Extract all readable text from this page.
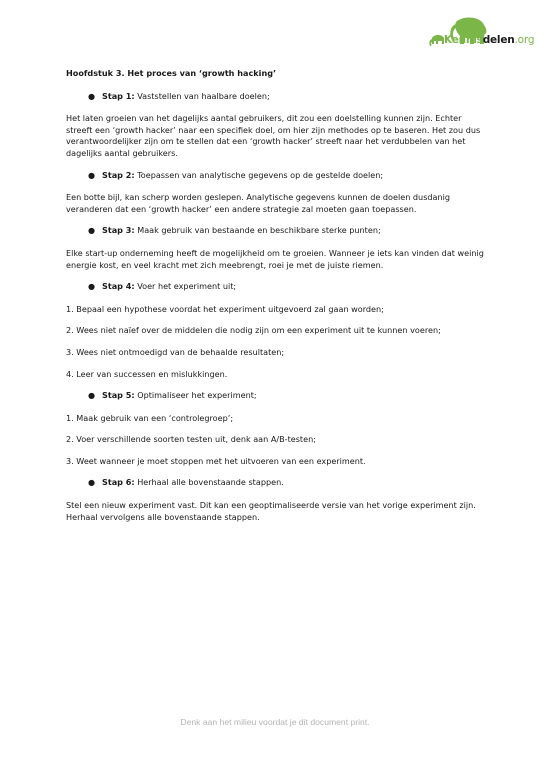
Kennisdelen.org
Hoofdstuk 3. Het proces van ‘growth hacking’
● Stap 1: Vaststellen van haalbare doelen;

Het laten groeien van het dagelijks aantal gebruikers, dit zou een doelstelling kunnen zijn. Echter streeft een ‘growth hacker’ naar een specifiek doel, om hier zijn methodes op te baseren. Het zou dus verantwoordelijker zijn om te stellen dat een ‘growth hacker’ streeft naar het verdubbelen van het dagelijks aantal gebruikers.

● Stap 2: Toepassen van analytische gegevens op de gestelde doelen;

Een botte bijl, kan scherp worden geslepen. Analytische gegevens kunnen de doelen dusdanig veranderen dat een ‘growth hacker’ een andere strategie zal moeten gaan toepassen.

● Stap 3: Maak gebruik van bestaande en beschikbare sterke punten;

Elke start-up onderneming heeft de mogelijkheid om te groeien. Wanneer je iets kan vinden dat weinig energie kost, en veel kracht met zich meebrengt, roei je met de juiste riemen.

● Stap 4: Voer het experiment uit;

1. Bepaal een hypothese voordat het experiment uitgevoerd zal gaan worden;

2. Wees niet naïef over de middelen die nodig zijn om een experiment uit te kunnen voeren;

3. Wees niet ontmoedigd van de behaalde resultaten;

4. Leer van successen en mislukkingen.

● Stap 5: Optimaliseer het experiment;

1. Maak gebruik van een ‘controlegroep’;

2. Voer verschillende soorten testen uit, denk aan A/B-testen;

3. Weet wanneer je moet stoppen met het uitvoeren van een experiment.

● Stap 6: Herhaal alle bovenstaande stappen.

Stel een nieuw experiment vast. Dit kan een geoptimaliseerde versie van het vorige experiment zijn. Herhaal vervolgens alle bovenstaande stappen.

Denk aan het milieu voordat je dit document print.
